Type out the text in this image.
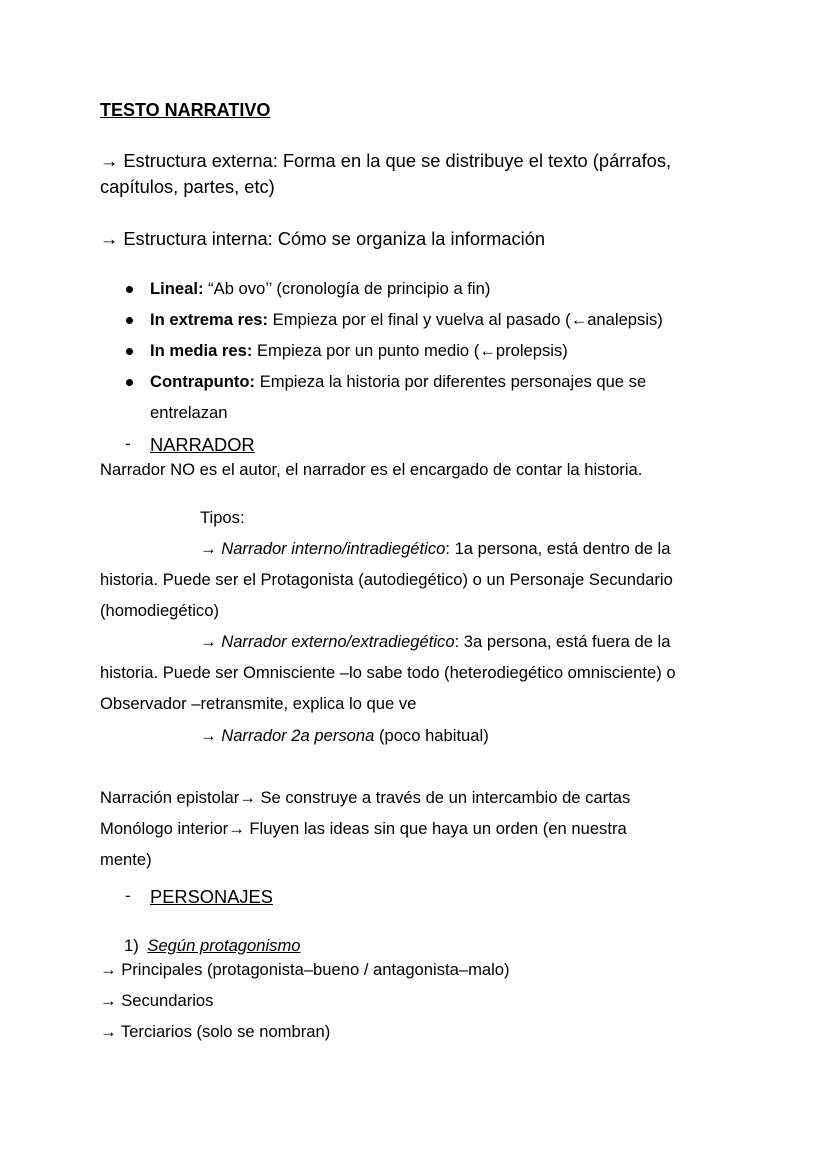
TESTO NARRATIVO
→ Estructura externa: Forma en la que se distribuye el texto (párrafos,
capítulos, partes, etc)
→ Estructura interna: Cómo se organiza la información
Lineal: “Ab ovo’’ (cronología de principio a fin)
In extrema res: Empieza por el final y vuelva al pasado (←analepsis)
In media res: Empieza por un punto medio (←prolepsis)
Contrapunto: Empieza la historia por diferentes personajes que se
entrelazan
- NARRADOR
Narrador NO es el autor, el narrador es el encargado de contar la historia.
Tipos:
→ Narrador interno/intradiegético: 1a persona, está dentro de la
historia. Puede ser el Protagonista (autodiegético) o un Personaje Secundario
(homodiegético)
→ Narrador externo/extradiegético: 3a persona, está fuera de la
historia. Puede ser Omnisciente –lo sabe todo (heterodiegético omnisciente) o
Observador –retransmite, explica lo que ve
→ Narrador 2a persona (poco habitual)
Narración epistolar→ Se construye a través de un intercambio de cartas
Monólogo interior→ Fluyen las ideas sin que haya un orden (en nuestra
mente)
- PERSONAJES
1) Según protagonismo
→ Principales (protagonista–bueno / antagonista–malo)
→ Secundarios
→ Terciarios (solo se nombran)
